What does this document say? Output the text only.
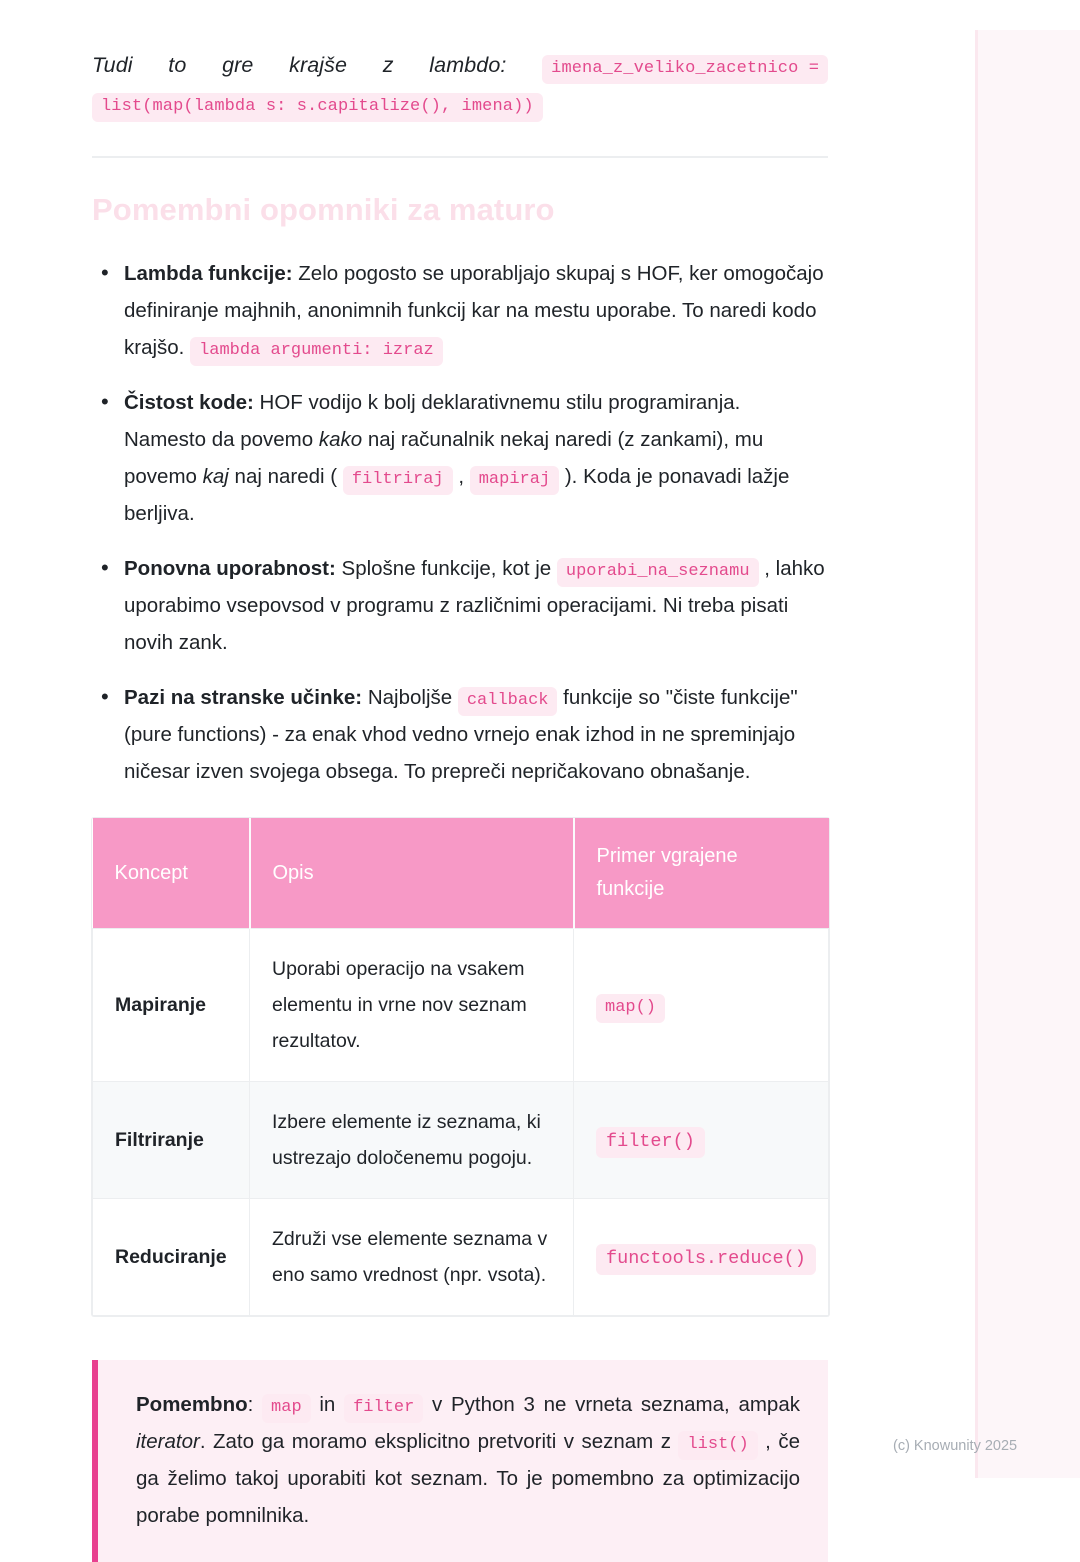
Tudi to gre krajše z lambdo:	imena_z_veliko_zacetnico = list(map(lambda s: s.capitalize(), imena))

Pomembni opomniki za maturo
• Lambda funkcije: Zelo pogosto se uporabljajo skupaj s HOF, ker omogočajo definiranje majhnih, anonimnih funkcij kar na mestu uporabe. To naredi kodo krajšo. lambda argumenti: izraz
• Čistost kode: HOF vodijo k bolj deklarativnemu stilu programiranja. Namesto da povemo kako naj računalnik nekaj naredi (z zankami), mu povemo kaj naj naredi ( filtriraj , mapiraj ). Koda je ponavadi lažje berljiva.
• Ponovna uporabnost: Splošne funkcije, kot je uporabi_na_seznamu , lahko uporabimo vsepovsod v programu z različnimi operacijami. Ni treba pisati novih zank.
• Pazi na stranske učinke: Najboljše callback funkcije so "čiste funkcije" (pure functions) - za enak vhod vedno vrnejo enak izhod in ne spreminjajo ničesar izven svojega obsega. To prepreči nepričakovano obnašanje.
Koncept	Opis	Primer vgrajene funkcije
Mapiranje	Uporabi operacijo na vsakem elementu in vrne nov seznam rezultatov.	map()
Filtriranje	Izbere elemente iz seznama, ki ustrezajo določenemu pogoju.	filter()
Reduciranje	Združi vse elemente seznama v eno samo vrednost (npr. vsota).	functools.reduce()

Pomembno: map in filter v Python 3 ne vrneta seznama, ampak iterator. Zato ga moramo eksplicitno pretvoriti v seznam z list() , če ga želimo takoj uporabiti kot seznam. To je pomembno za optimizacijo porabe pomnilnika.

(c) Knowunity 2025
